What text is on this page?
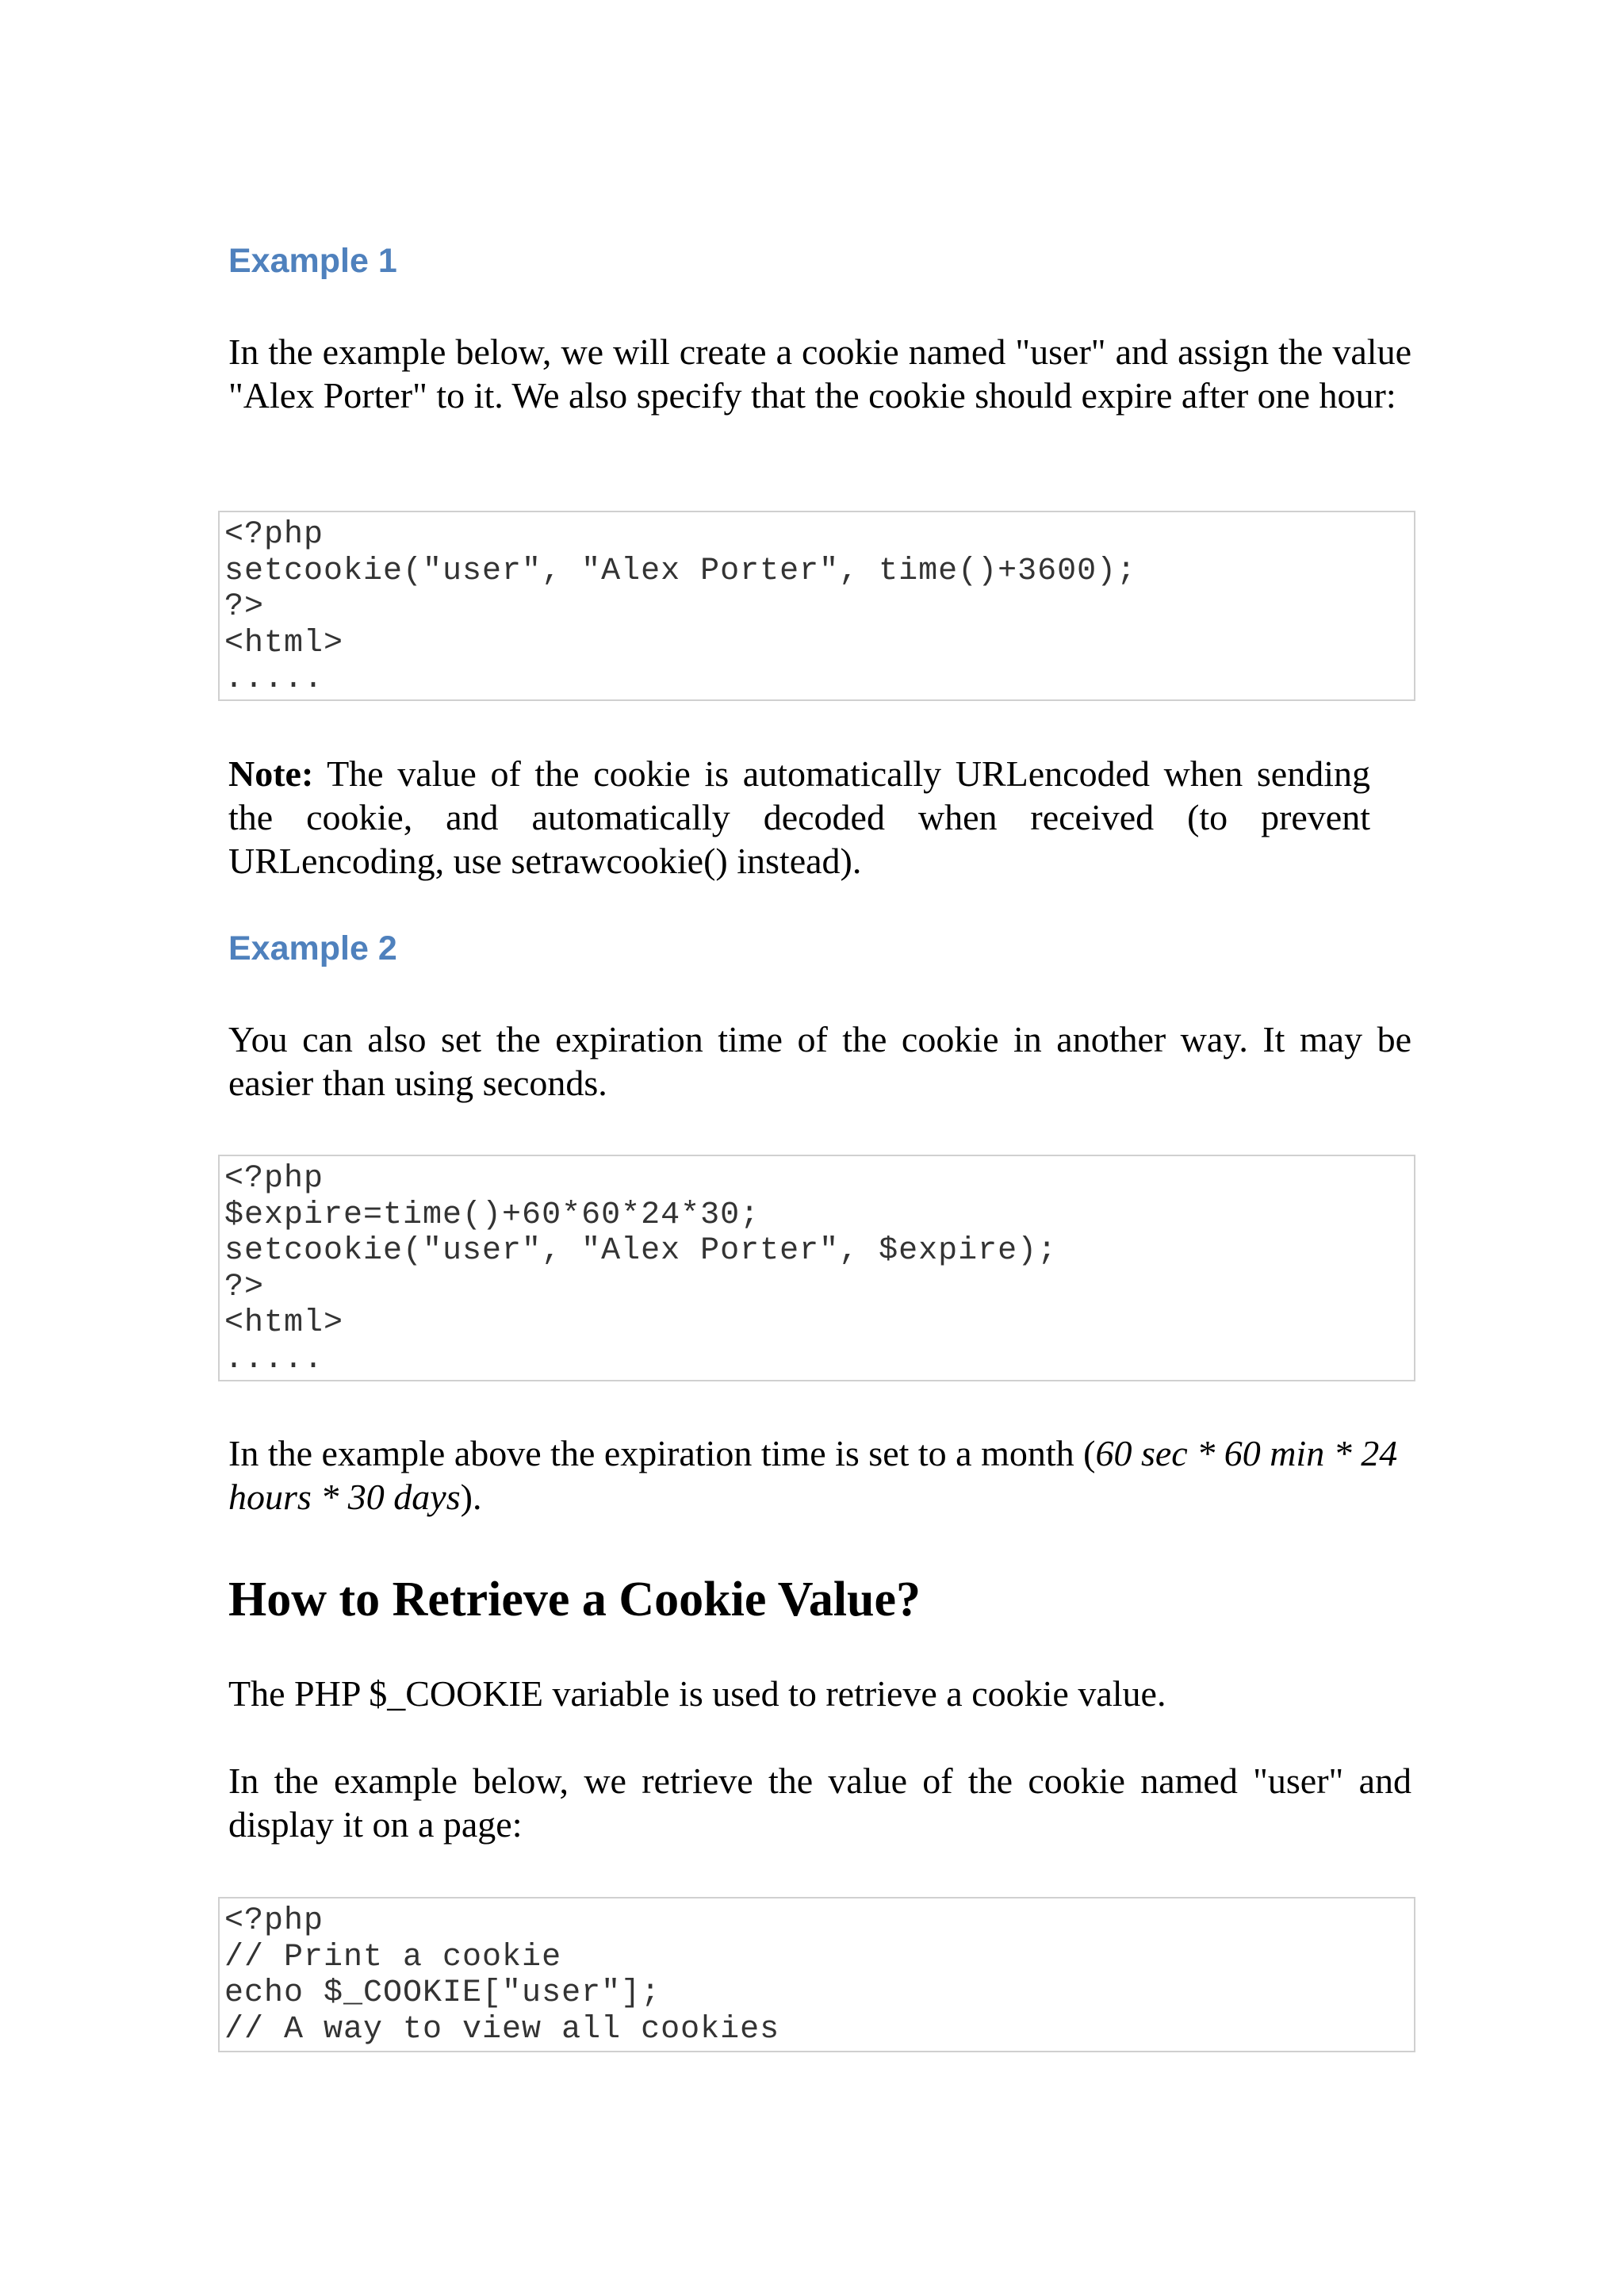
Example 1

In the example below, we will create a cookie named "user" and assign the value "Alex Porter" to it. We also specify that the cookie should expire after one hour:

<?php
setcookie("user", "Alex Porter", time()+3600);
?>
<html>
.....

Note: The value of the cookie is automatically URLencoded when sending the cookie, and automatically decoded when received (to prevent URLencoding, use setrawcookie() instead).

Example 2

You can also set the expiration time of the cookie in another way. It may be easier than using seconds.

<?php
$expire=time()+60*60*24*30;
setcookie("user", "Alex Porter", $expire);
?>
<html>
.....

In the example above the expiration time is set to a month (60 sec * 60 min * 24 hours * 30 days).

How to Retrieve a Cookie Value?

The PHP $_COOKIE variable is used to retrieve a cookie value.

In the example below, we retrieve the value of the cookie named "user" and display it on a page:

<?php
// Print a cookie
echo $_COOKIE["user"];
// A way to view all cookies
